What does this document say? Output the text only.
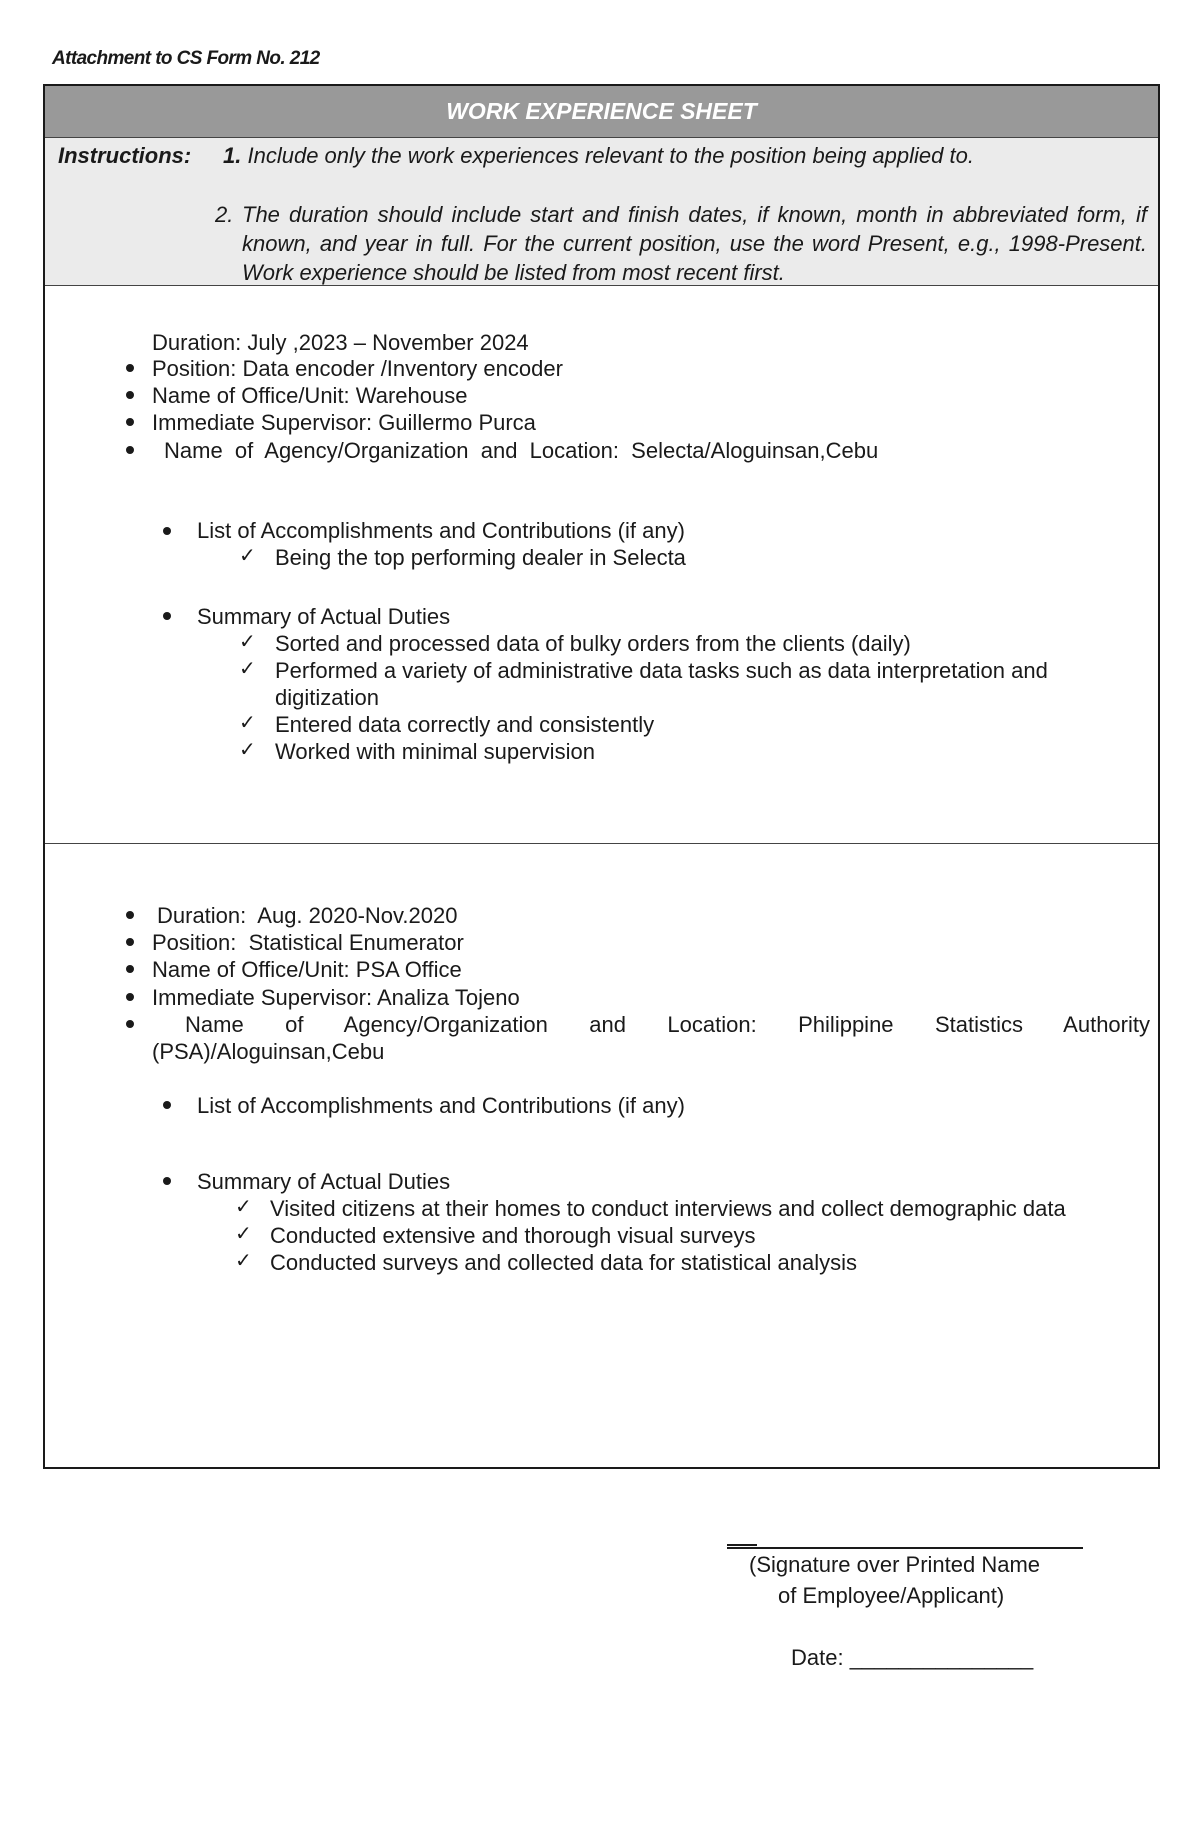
Attachment to CS Form No. 212
WORK EXPERIENCE SHEET
Instructions: 1. Include only the work experiences relevant to the position being applied to.
2. The duration should include start and finish dates, if known, month in abbreviated form, if known, and year in full. For the current position, use the word Present, e.g., 1998-Present. Work experience should be listed from most recent first.
Duration: July ,2023 – November 2024
Position: Data encoder /Inventory encoder
Name of Office/Unit: Warehouse
Immediate Supervisor: Guillermo Purca
Name  of  Agency/Organization  and  Location:  Selecta/Aloguinsan,Cebu
List of Accomplishments and Contributions (if any)
✓ Being the top performing dealer in Selecta
Summary of Actual Duties
✓ Sorted and processed data of bulky orders from the clients (daily)
✓ Performed a variety of administrative data tasks such as data interpretation and
digitization
✓ Entered data correctly and consistently
✓ Worked with minimal supervision
Duration:  Aug. 2020-Nov.2020
Position:  Statistical Enumerator
Name of Office/Unit: PSA Office
Immediate Supervisor: Analiza Tojeno
Name of Agency/Organization and Location: Philippine Statistics Authority
(PSA)/Aloguinsan,Cebu
List of Accomplishments and Contributions (if any)
Summary of Actual Duties
✓ Visited citizens at their homes to conduct interviews and collect demographic data
✓ Conducted extensive and thorough visual surveys
✓ Conducted surveys and collected data for statistical analysis
(Signature over Printed Name
of Employee/Applicant)
Date: _______________
